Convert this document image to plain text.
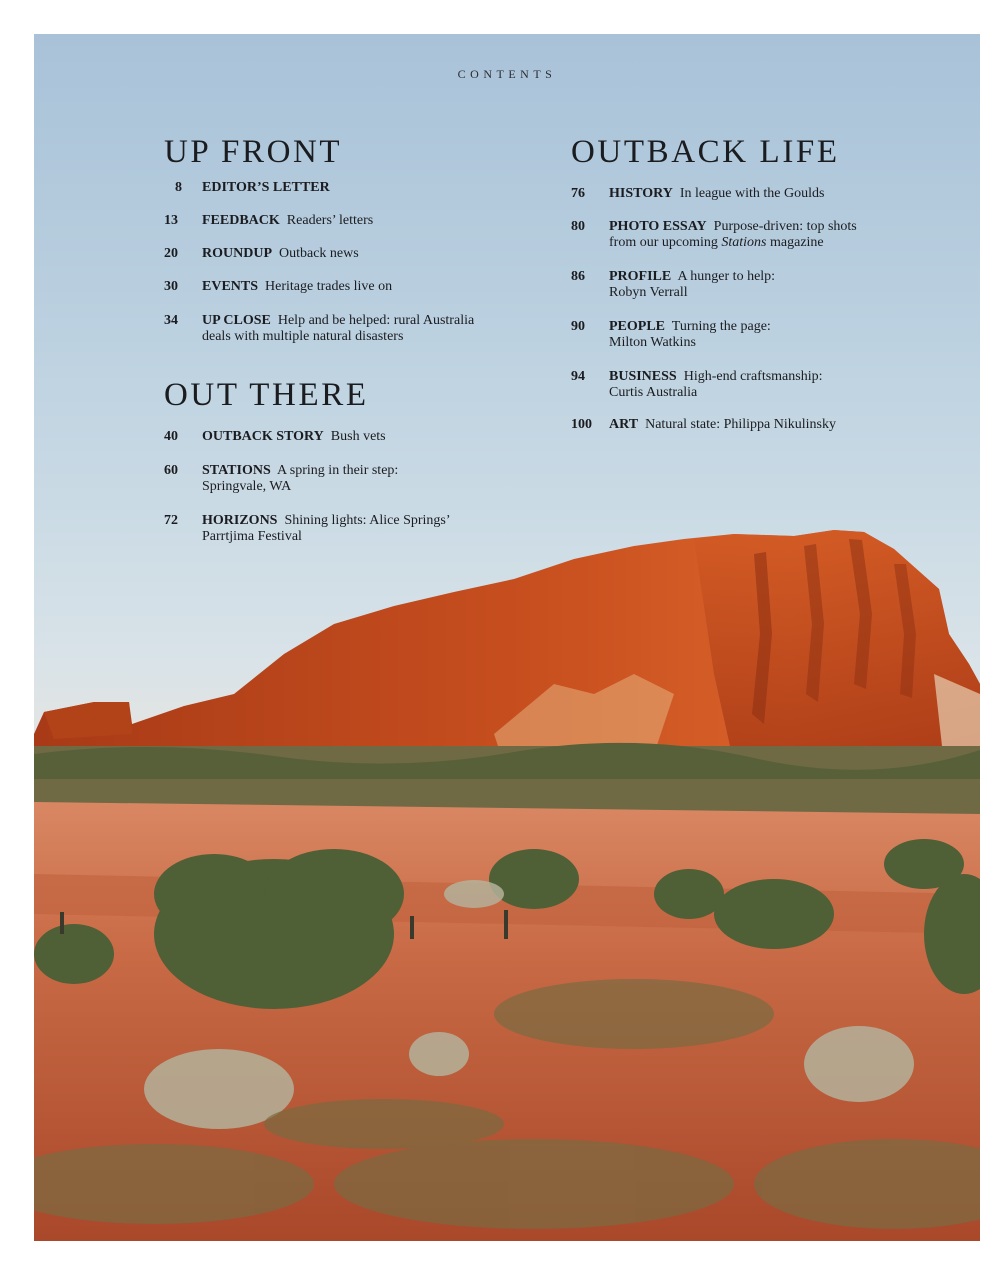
CONTENTS
UP FRONT
8 EDITOR’S LETTER
13 FEEDBACK Readers’ letters
20 ROUNDUP Outback news
30 EVENTS Heritage trades live on
34 UP CLOSE Help and be helped: rural Australia
deals with multiple natural disasters
OUT THERE
40 OUTBACK STORY Bush vets
60 STATIONS A spring in their step:
Springvale, WA
72 HORIZONS Shining lights: Alice Springs’
Parrtjima Festival
OUTBACK LIFE
76 HISTORY In league with the Goulds
80 PHOTO ESSAY Purpose-driven: top shots
from our upcoming Stations magazine
86 PROFILE A hunger to help:
Robyn Verrall
90 PEOPLE Turning the page:
Milton Watkins
94 BUSINESS High-end craftsmanship:
Curtis Australia
100 ART Natural state: Philippa Nikulinsky
